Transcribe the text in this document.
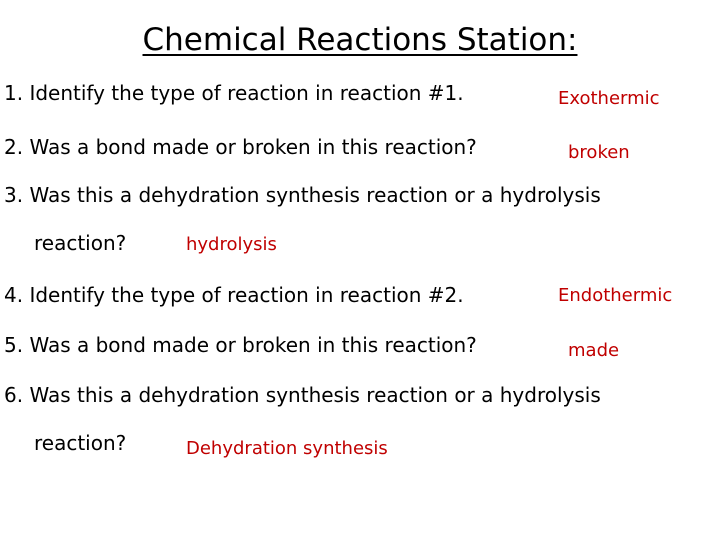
Chemical Reactions Station:
1. Identify the type of reaction in reaction #1.	Exothermic
2. Was a bond made or broken in this reaction?	broken
3. Was this a dehydration synthesis reaction or a hydrolysis
reaction?	hydrolysis
4. Identify the type of reaction in reaction #2.	Endothermic
5. Was a bond made or broken in this reaction?	made
6. Was this a dehydration synthesis reaction or a hydrolysis
reaction?	Dehydration synthesis
